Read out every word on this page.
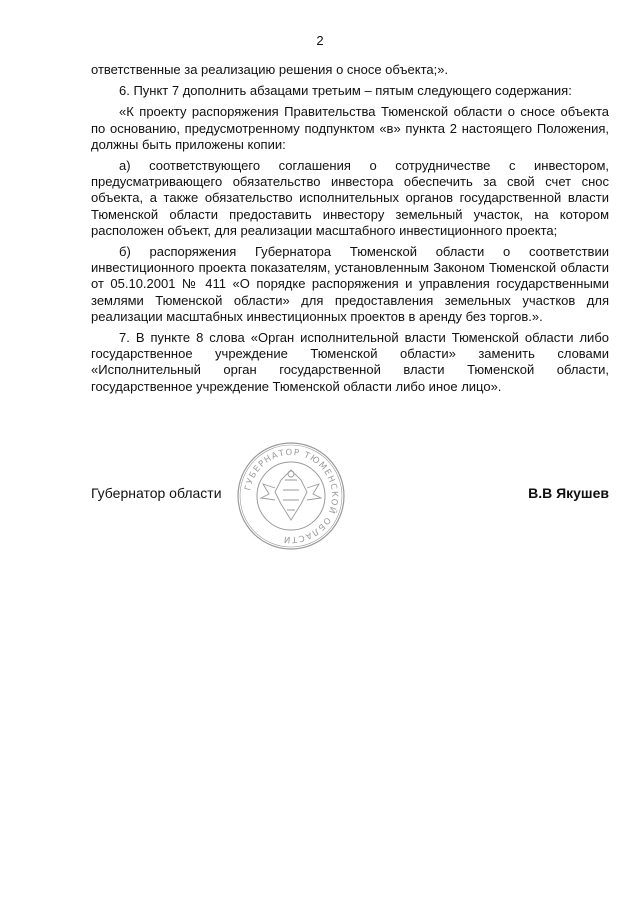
2

ответственные за реализацию решения о сносе объекта;».

6. Пункт 7 дополнить абзацами третьим – пятым следующего содержания:

«К проекту распоряжения Правительства Тюменской области о сносе объекта по основанию, предусмотренному подпунктом «в» пункта 2 настоящего Положения, должны быть приложены копии:

а) соответствующего соглашения о сотрудничестве с инвестором, предусматривающего обязательство инвестора обеспечить за свой счет снос объекта, а также обязательство исполнительных органов государственной власти Тюменской области предоставить инвестору земельный участок, на котором расположен объект, для реализации масштабного инвестиционного проекта;

б) распоряжения Губернатора Тюменской области о соответствии инвестиционного проекта показателям, установленным Законом Тюменской области от 05.10.2001 № 411 «О порядке распоряжения и управления государственными землями Тюменской области» для предоставления земельных участков для реализации масштабных инвестиционных проектов в аренду без торгов.».

7. В пункте 8 слова «Орган исполнительной власти Тюменской области либо государственное учреждение Тюменской области» заменить словами «Исполнительный орган государственной власти Тюменской области, государственное учреждение Тюменской области либо иное лицо».

ГУБЕРНАТОР ТЮМЕНСКОЙ ОБЛАСТИ
Губернатор области	В.В Якушев
